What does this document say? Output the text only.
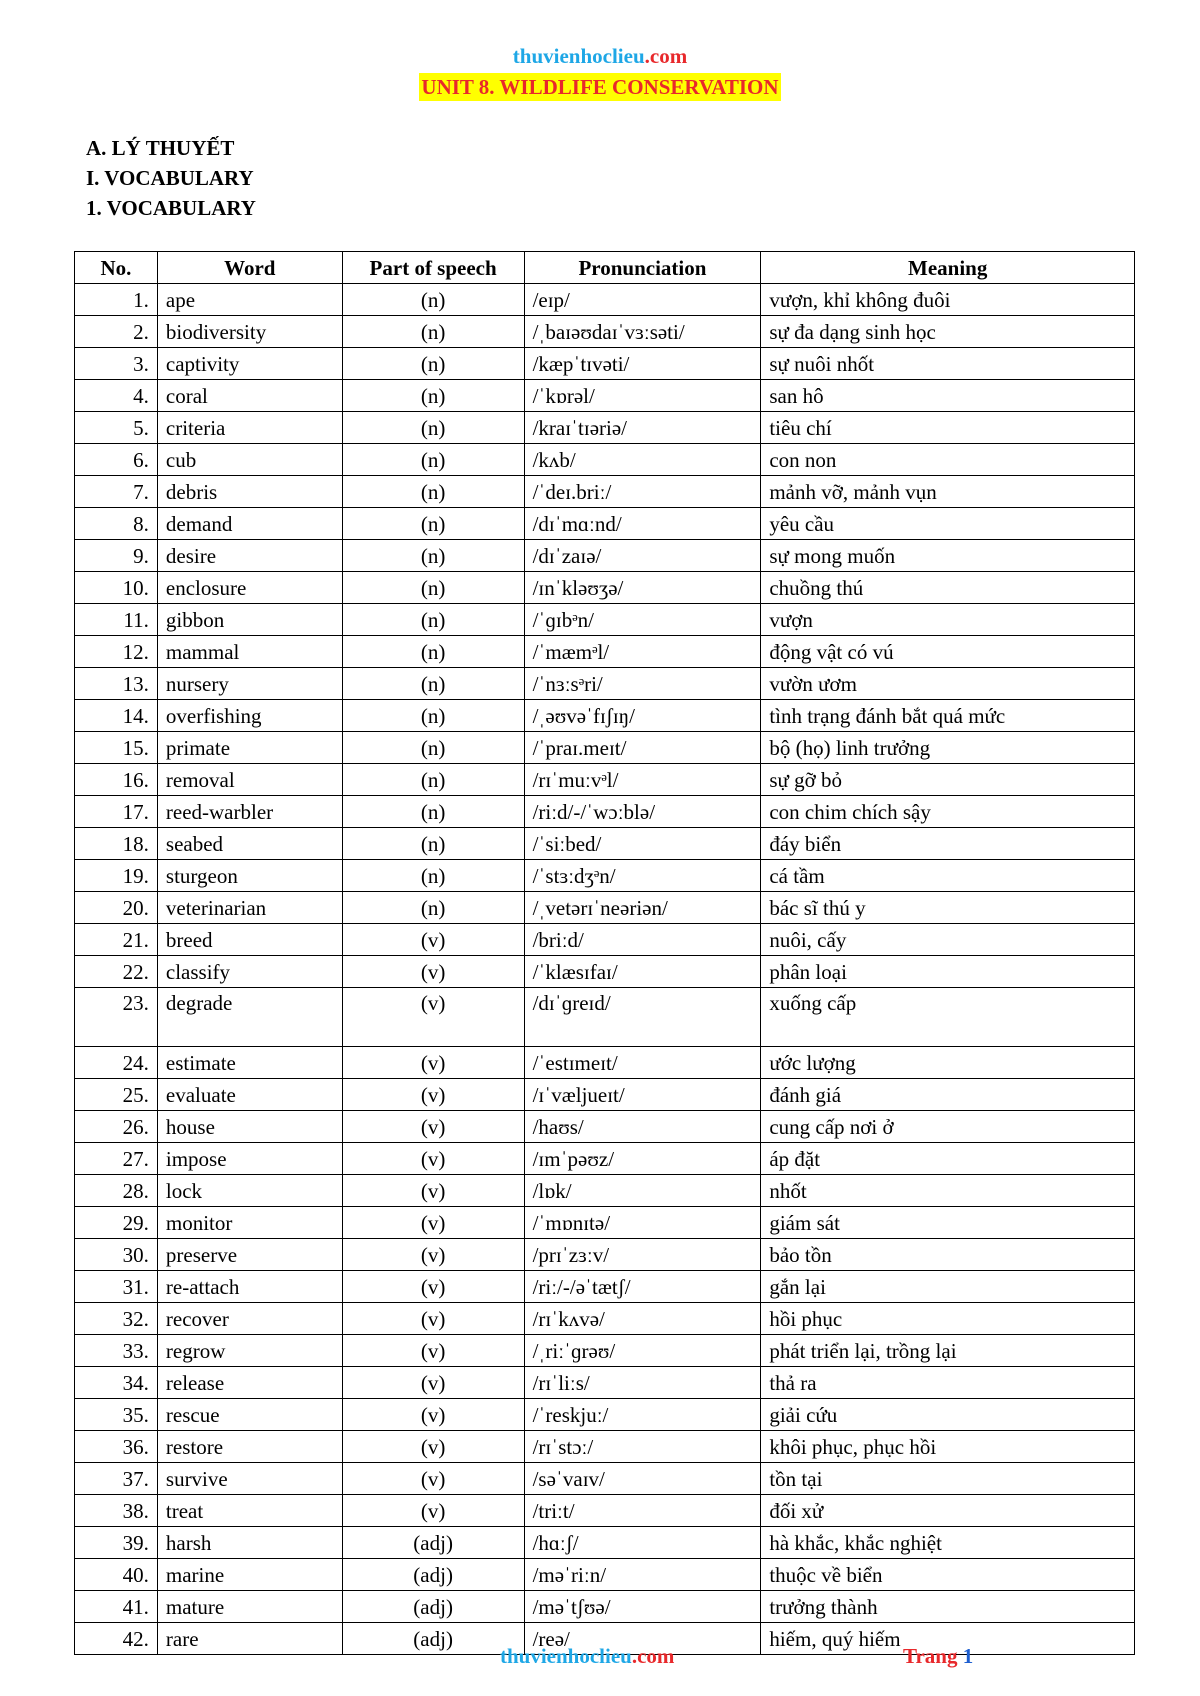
thuvienhoclieu.com
UNIT 8. WILDLIFE CONSERVATION
A. LÝ THUYẾT
I. VOCABULARY
1. VOCABULARY
No.	Word	Part of speech	Pronunciation	Meaning
1.	ape	(n)	/eɪp/	vượn, khỉ không đuôi
2.	biodiversity	(n)	/ˌbaɪəʊdaɪˈvɜːsəti/	sự đa dạng sinh học
3.	captivity	(n)	/kæpˈtɪvəti/	sự nuôi nhốt
4.	coral	(n)	/ˈkɒrəl/	san hô
5.	criteria	(n)	/kraɪˈtɪəriə/	tiêu chí
6.	cub	(n)	/kʌb/	con non
7.	debris	(n)	/ˈdeɪ.briː/	mảnh vỡ, mảnh vụn
8.	demand	(n)	/dɪˈmɑːnd/	yêu cầu
9.	desire	(n)	/dɪˈzaɪə/	sự mong muốn
10.	enclosure	(n)	/ɪnˈkləʊʒə/	chuồng thú
11.	gibbon	(n)	/ˈɡɪbᵊn/	vượn
12.	mammal	(n)	/ˈmæmᵊl/	động vật có vú
13.	nursery	(n)	/ˈnɜːsᵊri/	vườn ươm
14.	overfishing	(n)	/ˌəʊvəˈfɪʃɪŋ/	tình trạng đánh bắt quá mức
15.	primate	(n)	/ˈpraɪ.meɪt/	bộ (họ) linh trưởng
16.	removal	(n)	/rɪˈmuːvᵊl/	sự gỡ bỏ
17.	reed-warbler	(n)	/riːd/-/ˈwɔːblə/	con chim chích sậy
18.	seabed	(n)	/ˈsiːbed/	đáy biển
19.	sturgeon	(n)	/ˈstɜːdʒᵊn/	cá tầm
20.	veterinarian	(n)	/ˌvetərɪˈneəriən/	bác sĩ thú y
21.	breed	(v)	/briːd/	nuôi, cấy
22.	classify	(v)	/ˈklæsɪfaɪ/	phân loại
23.	degrade	(v)	/dɪˈɡreɪd/	xuống cấp
24.	estimate	(v)	/ˈestɪmeɪt/	ước lượng
25.	evaluate	(v)	/ɪˈvæljueɪt/	đánh giá
26.	house	(v)	/haʊs/	cung cấp nơi ở
27.	impose	(v)	/ɪmˈpəʊz/	áp đặt
28.	lock	(v)	/lɒk/	nhốt
29.	monitor	(v)	/ˈmɒnɪtə/	giám sát
30.	preserve	(v)	/prɪˈzɜːv/	bảo tồn
31.	re-attach	(v)	/riː/-/əˈtætʃ/	gắn lại
32.	recover	(v)	/rɪˈkʌvə/	hồi phục
33.	regrow	(v)	/ˌriːˈɡrəʊ/	phát triển lại, trồng lại
34.	release	(v)	/rɪˈliːs/	thả ra
35.	rescue	(v)	/ˈreskjuː/	giải cứu
36.	restore	(v)	/rɪˈstɔː/	khôi phục, phục hồi
37.	survive	(v)	/səˈvaɪv/	tồn tại
38.	treat	(v)	/triːt/	đối xử
39.	harsh	(adj)	/hɑːʃ/	hà khắc, khắc nghiệt
40.	marine	(adj)	/məˈriːn/	thuộc về biển
41.	mature	(adj)	/məˈtʃʊə/	trưởng thành
42.	rare	(adj)	/reə/	hiếm, quý hiếm
thuvienhoclieu.com	Trang 1
